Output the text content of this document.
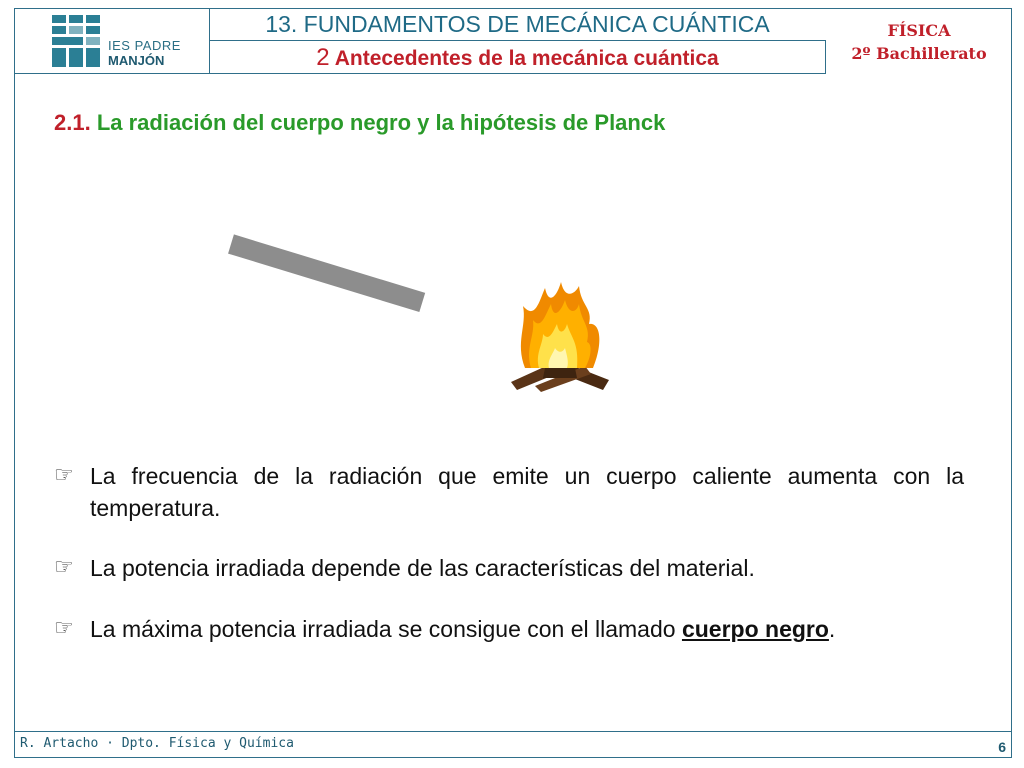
IES PADRE
MANJÓN
13. FUNDAMENTOS DE MECÁNICA CUÁNTICA
2 Antecedentes de la mecánica cuántica
FÍSICA
2º Bachillerato
2.1. La radiación del cuerpo negro y la hipótesis de Planck
☞ La frecuencia de la radiación que emite un cuerpo caliente aumenta con la temperatura.
☞ La potencia irradiada depende de las características del material.
☞ La máxima potencia irradiada se consigue con el llamado cuerpo negro.
R. Artacho · Dpto. Física y Química	6
